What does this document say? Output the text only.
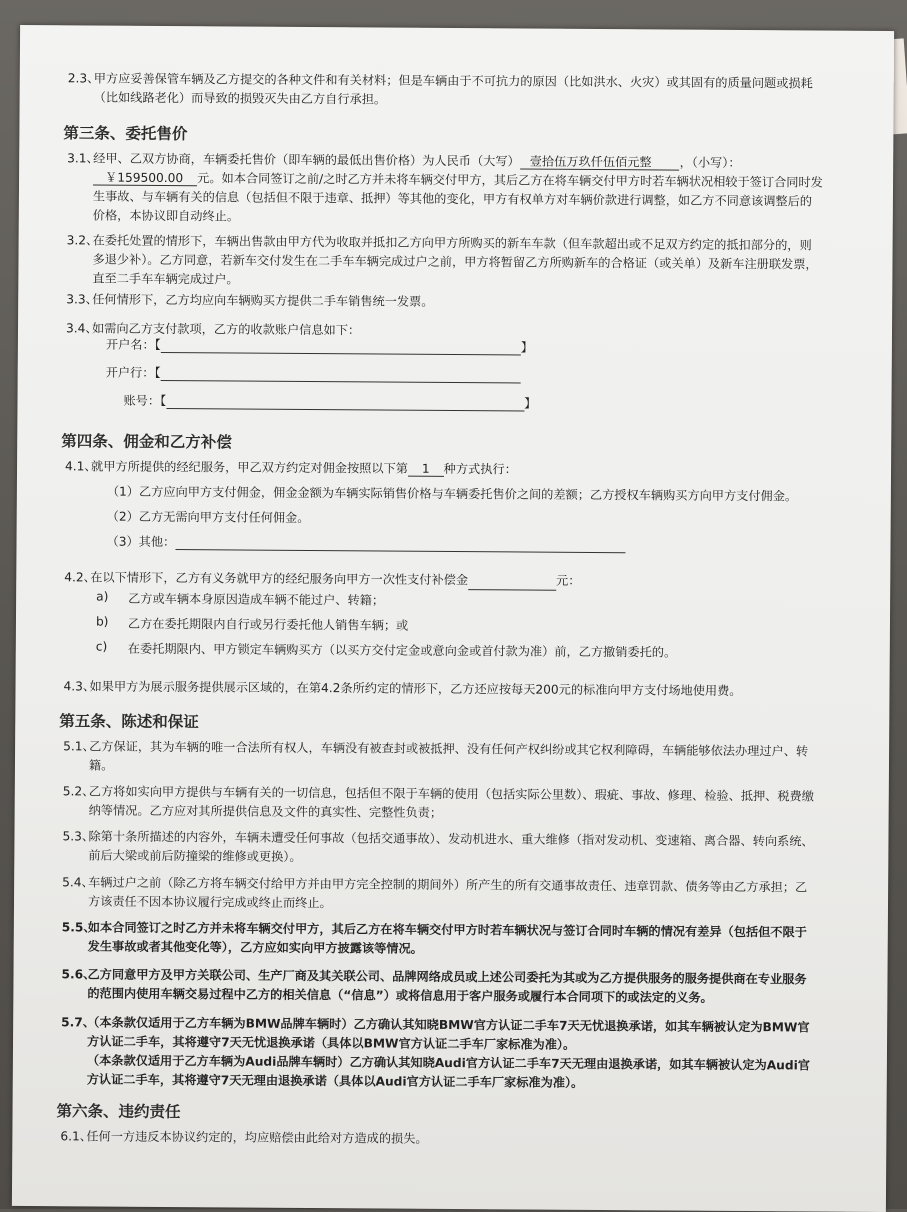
2.3、
甲方应妥善保管车辆及乙方提交的各种文件和有关材料；但是车辆由于不可抗力的原因（比如洪水、火灾）或其固有的质量问题或损耗（比如线路老化）而导致的损毁灭失由乙方自行承担。
第三条、委托售价
3.1、
经甲、乙双方协商，车辆委托售价（即车辆的最低出售价格）为人民币（大写） 壹拾伍万玖仟伍佰元整 ，（小写）：
￥159500.00 元。如本合同签订之前/之时乙方并未将车辆交付甲方，其后乙方在将车辆交付甲方时若车辆状况相较于签订合同时发生事故、与车辆有关的信息（包括但不限于违章、抵押）等其他的变化，甲方有权单方对车辆价款进行调整，如乙方不同意该调整后的价格，本协议即自动终止。
3.2、
在委托处置的情形下，车辆出售款由甲方代为收取并抵扣乙方向甲方所购买的新车车款（但车款超出或不足双方约定的抵扣部分的，则多退少补）。乙方同意，若新车交付发生在二手车车辆完成过户之前，甲方将暂留乙方所购新车的合格证（或关单）及新车注册联发票，直至二手车车辆完成过户。
3.3、
任何情形下，乙方均应向车辆购买方提供二手车销售统一发票。
3.4、
如需向乙方支付款项，乙方的收款账户信息如下：
开户名：【	】
开户行：【
账号：【	】
第四条、佣金和乙方补偿
4.1、
就甲方所提供的经纪服务，甲乙双方约定对佣金按照以下第 1 种方式执行：
（1）乙方应向甲方支付佣金，佣金金额为车辆实际销售价格与车辆委托售价之间的差额；乙方授权车辆购买方向甲方支付佣金。
（2）乙方无需向甲方支付任何佣金。
（3）其他：
4.2、
在以下情形下，乙方有义务就甲方的经纪服务向甲方一次性支付补偿金	元：
a) 乙方或车辆本身原因造成车辆不能过户、转籍；
b) 乙方在委托期限内自行或另行委托他人销售车辆；或
c) 在委托期限内、甲方锁定车辆购买方（以买方交付定金或意向金或首付款为准）前，乙方撤销委托的。
4.3、
如果甲方为展示服务提供展示区域的，在第4.2条所约定的情形下，乙方还应按每天200元的标准向甲方支付场地使用费。
第五条、陈述和保证
5.1、
乙方保证，其为车辆的唯一合法所有权人，车辆没有被查封或被抵押、没有任何产权纠纷或其它权利障碍，车辆能够依法办理过户、转籍。
5.2、
乙方将如实向甲方提供与车辆有关的一切信息，包括但不限于车辆的使用（包括实际公里数）、瑕疵、事故、修理、检验、抵押、税费缴纳等情况。乙方应对其所提供信息及文件的真实性、完整性负责；
5.3、
除第十条所描述的内容外，车辆未遭受任何事故（包括交通事故）、发动机进水、重大维修（指对发动机、变速箱、离合器、转向系统、前后大梁或前后防撞梁的维修或更换）。
5.4、
车辆过户之前（除乙方将车辆交付给甲方并由甲方完全控制的期间外）所产生的所有交通事故责任、违章罚款、债务等由乙方承担；乙方该责任不因本协议履行完成或终止而终止。
5.5、
如本合同签订之时乙方并未将车辆交付甲方，其后乙方在将车辆交付甲方时若车辆状况与签订合同时车辆的情况有差异（包括但不限于发生事故或者其他变化等），乙方应如实向甲方披露该等情况。
5.6、
乙方同意甲方及甲方关联公司、生产厂商及其关联公司、品牌网络成员或上述公司委托为其或为乙方提供服务的服务提供商在专业服务的范围内使用车辆交易过程中乙方的相关信息（“信息”）或将信息用于客户服务或履行本合同项下的或法定的义务。
5.7、
（本条款仅适用于乙方车辆为BMW品牌车辆时）乙方确认其知晓BMW官方认证二手车7天无忧退换承诺，如其车辆被认定为BMW官方认证二手车，其将遵守7天无忧退换承诺（具体以BMW官方认证二手车厂家标准为准）。
（本条款仅适用于乙方车辆为Audi品牌车辆时）乙方确认其知晓Audi官方认证二手车7天无理由退换承诺，如其车辆被认定为Audi官方认证二手车，其将遵守7天无理由退换承诺（具体以Audi官方认证二手车厂家标准为准）。
第六条、违约责任
6.1、
任何一方违反本协议约定的，均应赔偿由此给对方造成的损失。
